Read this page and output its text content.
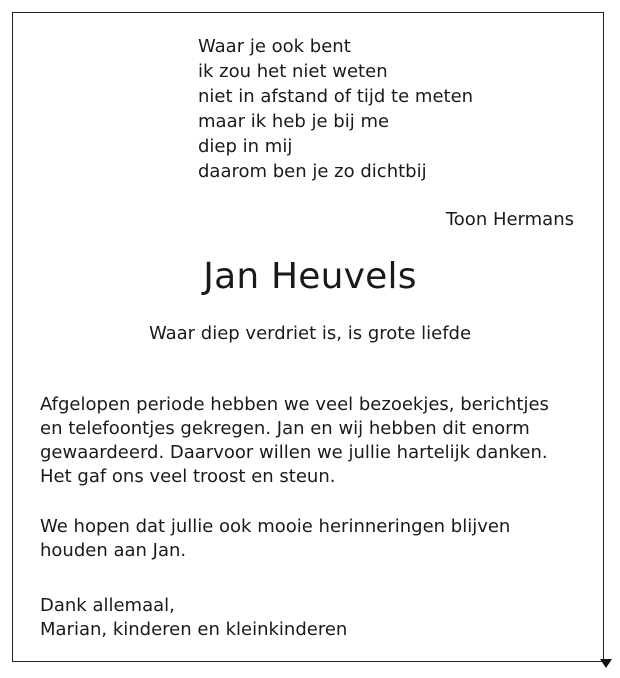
Waar je ook bent
ik zou het niet weten
niet in afstand of tijd te meten
maar ik heb je bij me
diep in mij
daarom ben je zo dichtbij
Toon Hermans
Jan Heuvels
Waar diep verdriet is, is grote liefde
Afgelopen periode hebben we veel bezoekjes, berichtjes
en telefoontjes gekregen. Jan en wij hebben dit enorm
gewaardeerd. Daarvoor willen we jullie hartelijk danken.
Het gaf ons veel troost en steun.
We hopen dat jullie ook mooie herinneringen blijven
houden aan Jan.
Dank allemaal,
Marian, kinderen en kleinkinderen
